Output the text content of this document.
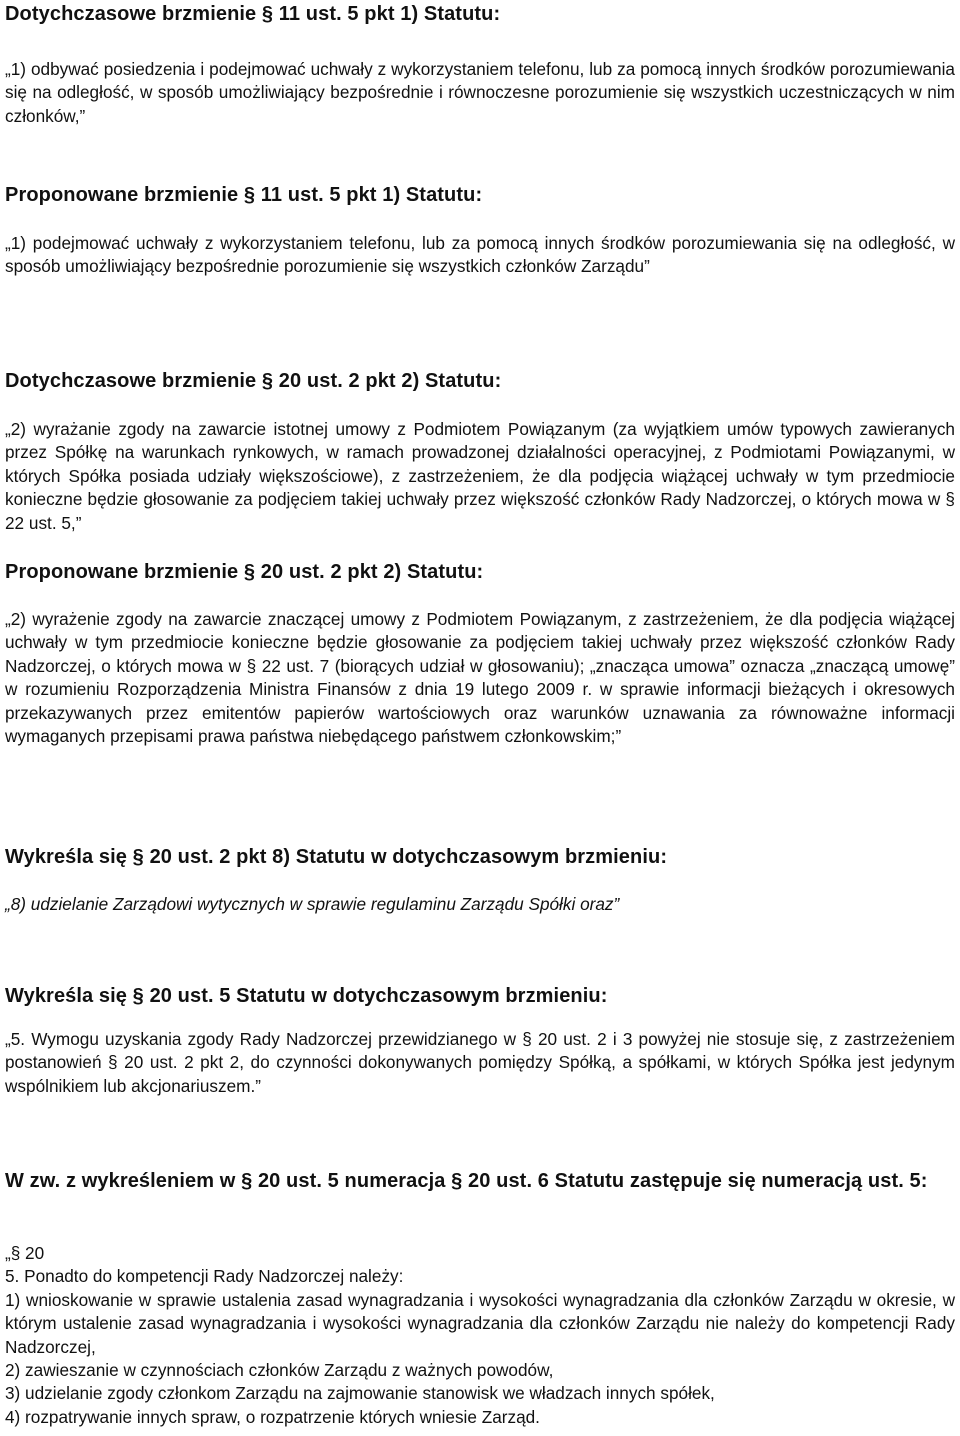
Dotychczasowe brzmienie § 11 ust. 5 pkt 1) Statutu:

„1) odbywać posiedzenia i podejmować uchwały z wykorzystaniem telefonu, lub za pomocą innych środków porozumiewania się na odległość, w sposób umożliwiający bezpośrednie i równoczesne porozumienie się wszystkich uczestniczących w nim członków,”

Proponowane brzmienie § 11 ust. 5 pkt 1) Statutu:

„1) podejmować uchwały z wykorzystaniem telefonu, lub za pomocą innych środków porozumiewania się na odległość, w sposób umożliwiający bezpośrednie porozumienie się wszystkich członków Zarządu”

Dotychczasowe brzmienie § 20 ust. 2 pkt 2) Statutu:

„2) wyrażanie zgody na zawarcie istotnej umowy z Podmiotem Powiązanym (za wyjątkiem umów typowych zawieranych przez Spółkę na warunkach rynkowych, w ramach prowadzonej działalności operacyjnej, z Podmiotami Powiązanymi, w których Spółka posiada udziały większościowe), z zastrzeżeniem, że dla podjęcia wiążącej uchwały w tym przedmiocie konieczne będzie głosowanie za podjęciem takiej uchwały przez większość członków Rady Nadzorczej, o których mowa w § 22 ust. 5,”

Proponowane brzmienie § 20 ust. 2 pkt 2) Statutu:

„2) wyrażenie zgody na zawarcie znaczącej umowy z Podmiotem Powiązanym, z zastrzeżeniem, że dla podjęcia wiążącej uchwały w tym przedmiocie konieczne będzie głosowanie za podjęciem takiej uchwały przez większość członków Rady Nadzorczej, o których mowa w § 22 ust. 7 (biorących udział w głosowaniu); „znacząca umowa” oznacza „znaczącą umowę” w rozumieniu Rozporządzenia Ministra Finansów z dnia 19 lutego 2009 r. w sprawie informacji bieżących i okresowych przekazywanych przez emitentów papierów wartościowych oraz warunków uznawania za równoważne informacji wymaganych przepisami prawa państwa niebędącego państwem członkowskim;”

Wykreśla się § 20 ust. 2 pkt 8) Statutu w dotychczasowym brzmieniu:

„8) udzielanie Zarządowi wytycznych w sprawie regulaminu Zarządu Spółki oraz”

Wykreśla się § 20 ust. 5 Statutu w dotychczasowym brzmieniu:

„5. Wymogu uzyskania zgody Rady Nadzorczej przewidzianego w § 20 ust. 2 i 3 powyżej nie stosuje się, z zastrzeżeniem postanowień § 20 ust. 2 pkt 2, do czynności dokonywanych pomiędzy Spółką, a spółkami, w których Spółka jest jedynym wspólnikiem lub akcjonariuszem.”

W zw. z wykreśleniem w § 20 ust. 5 numeracja § 20 ust. 6 Statutu zastępuje się numeracją ust. 5:

„§ 20
5. Ponadto do kompetencji Rady Nadzorczej należy:
1) wnioskowanie w sprawie ustalenia zasad wynagradzania i wysokości wynagradzania dla członków Zarządu w okresie, w którym ustalenie zasad wynagradzania i wysokości wynagradzania dla członków Zarządu nie należy do kompetencji Rady Nadzorczej,
2) zawieszanie w czynnościach członków Zarządu z ważnych powodów,
3) udzielanie zgody członkom Zarządu na zajmowanie stanowisk we władzach innych spółek,
4) rozpatrywanie innych spraw, o rozpatrzenie których wniesie Zarząd.
